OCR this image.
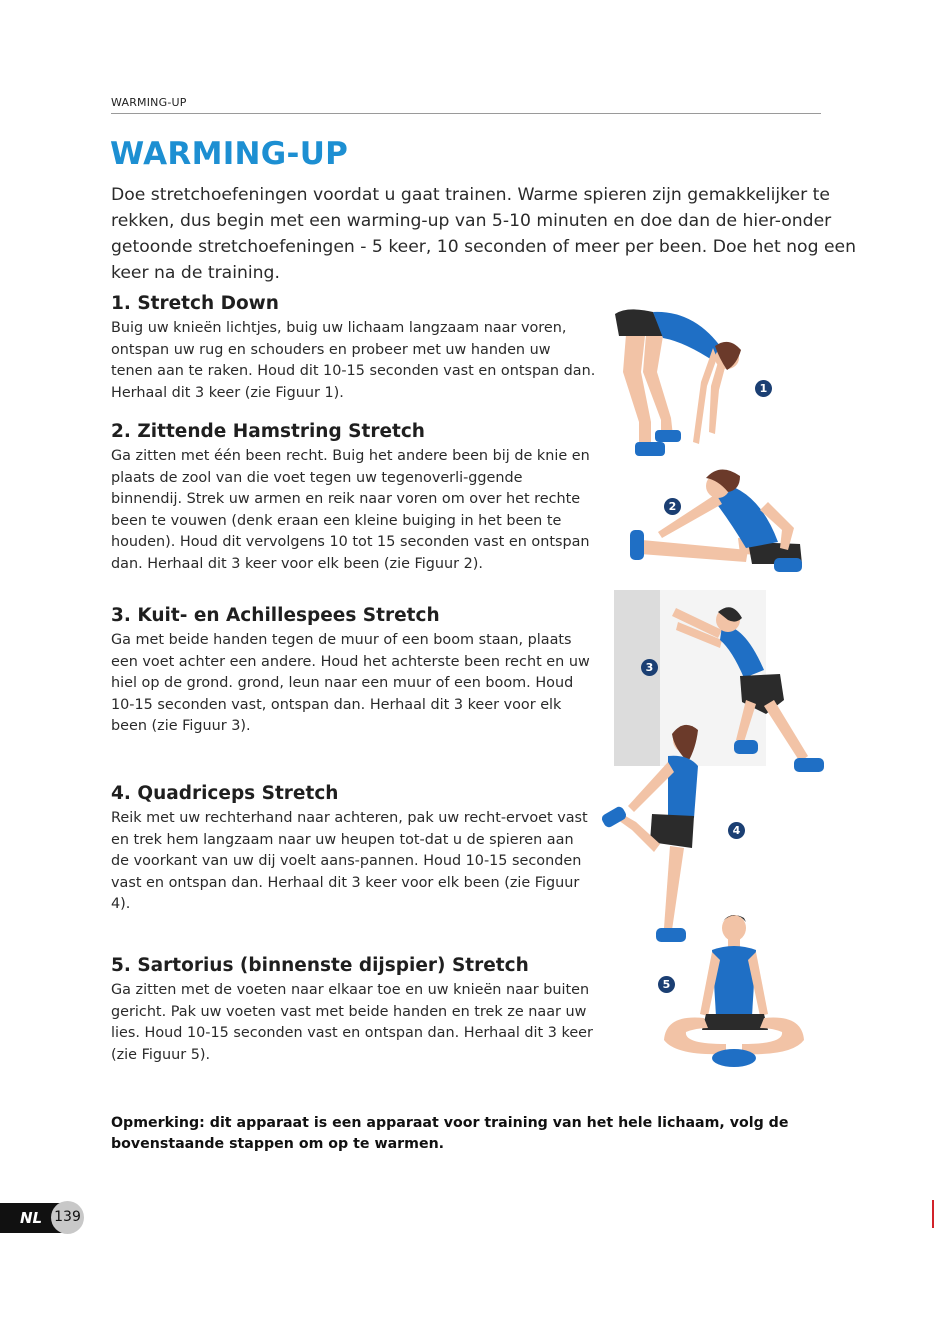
WARMING-UP
WARMING-UP

Doe stretchoefeningen voordat u gaat trainen. Warme spieren zijn gemakkelijker te rekken, dus begin met een warming-up van 5-10 minuten en doe dan de hier-onder getoonde stretchoefeningen - 5 keer, 10 seconden of meer per been. Doe het nog een keer na de training.

1. Stretch Down

Buig uw knieën lichtjes, buig uw lichaam langzaam naar voren, ontspan uw rug en schouders en probeer met uw handen uw tenen aan te raken. Houd dit 10-15 seconden vast en ontspan dan. Herhaal dit 3 keer (zie Figuur 1).

2. Zittende Hamstring Stretch

Ga zitten met één been recht. Buig het andere been bij de knie en plaats de zool van die voet tegen uw tegenoverli-ggende binnendij. Strek uw armen en reik naar voren om over het rechte been te vouwen (denk eraan een kleine buiging in het been te houden). Houd dit vervolgens 10 tot 15 seconden vast en ontspan dan. Herhaal dit 3 keer voor elk been (zie Figuur 2).

3. Kuit- en Achillespees Stretch

Ga met beide handen tegen de muur of een boom staan, plaats een voet achter een andere. Houd het achterste been recht en uw hiel op de grond. grond, leun naar een muur of een boom. Houd 10-15 seconden vast, ontspan dan. Herhaal dit 3 keer voor elk been (zie Figuur 3).

4. Quadriceps Stretch

Reik met uw rechterhand naar achteren, pak uw recht-ervoet vast en trek hem langzaam naar uw heupen tot-dat u de spieren aan de voorkant van uw dij voelt aans-pannen. Houd 10-15 seconden vast en ontspan dan. Herhaal dit 3 keer voor elk been (zie Figuur 4).

5. Sartorius (binnenste dijspier) Stretch

Ga zitten met de voeten naar elkaar toe en uw knieën naar buiten gericht. Pak uw voeten vast met beide handen en trek ze naar uw lies. Houd 10-15 seconden vast en ontspan dan. Herhaal dit 3 keer (zie Figuur 5).

1
2
3
4
5

Opmerking: dit apparaat is een apparaat voor training van het hele lichaam, volg de bovenstaande stappen om op te warmen.

NL 139
